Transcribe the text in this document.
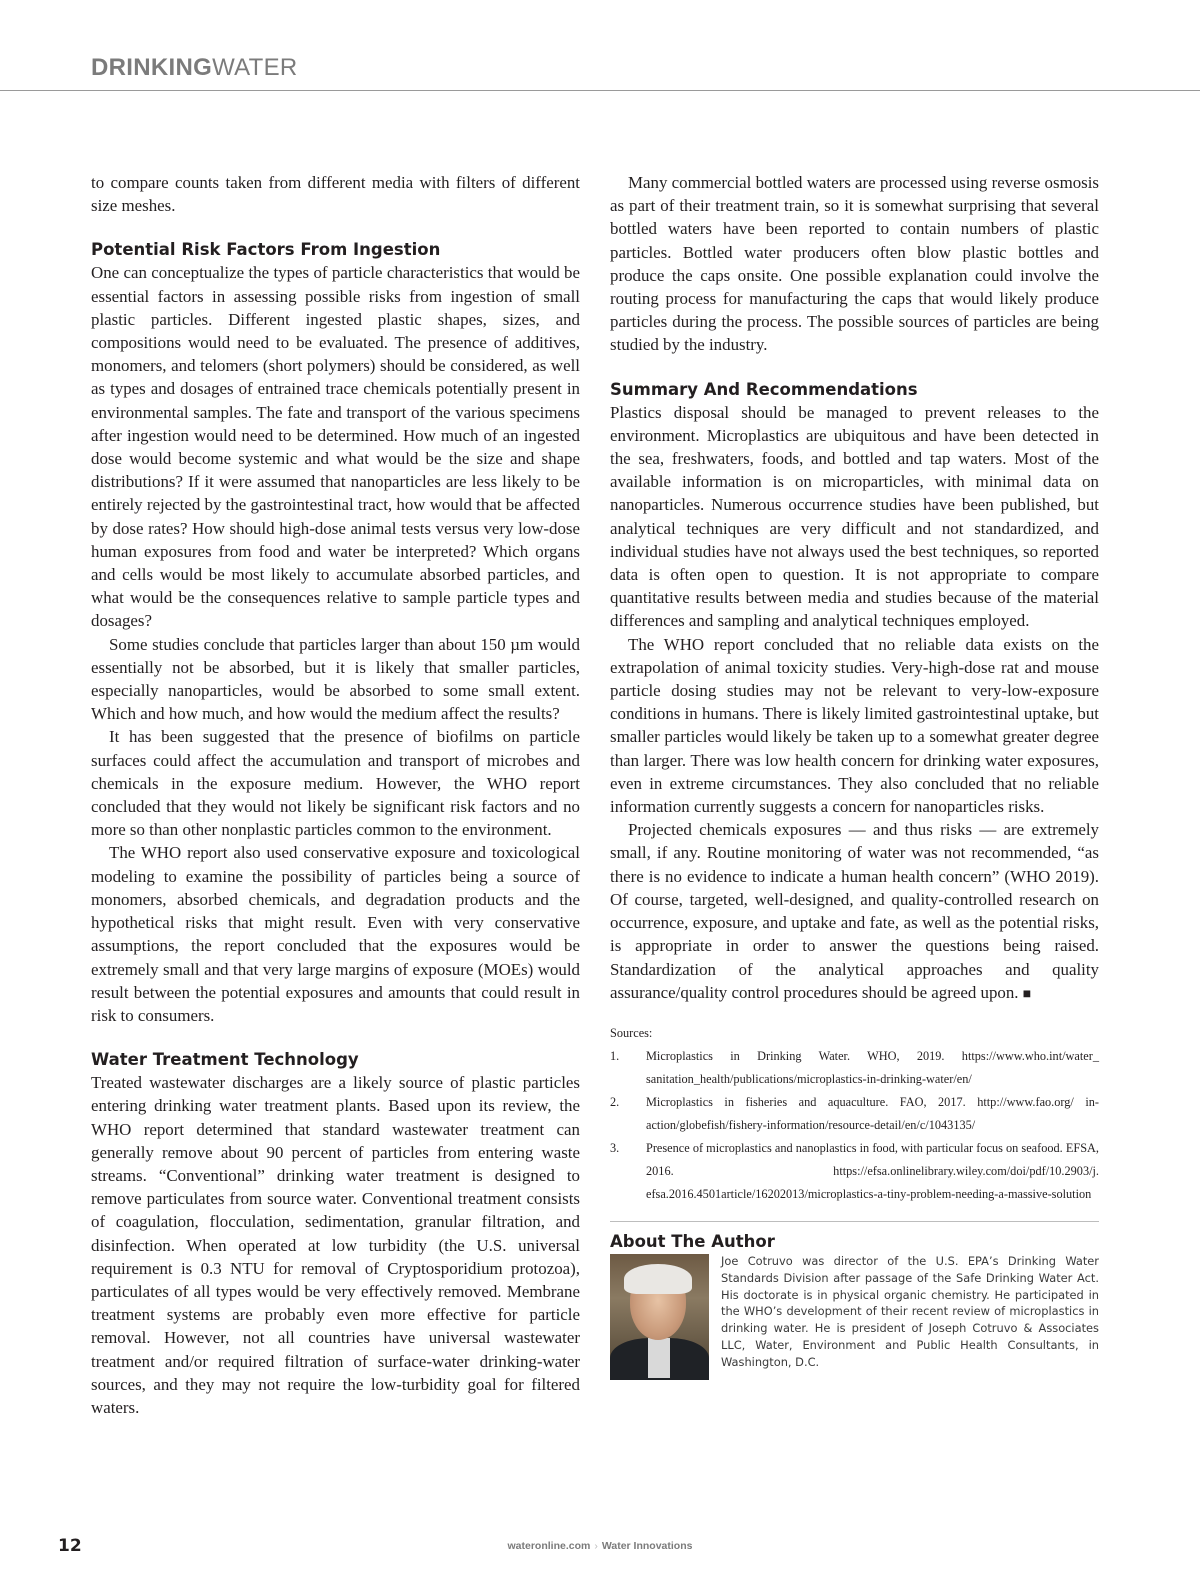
DRINKINGWATER

to compare counts taken from different media with filters of different size meshes.

Potential Risk Factors From Ingestion

One can conceptualize the types of particle characteristics that would be essential factors in assessing possible risks from ingestion of small plastic particles. Different ingested plastic shapes, sizes, and compositions would need to be evaluated. The presence of additives, monomers, and telomers (short polymers) should be considered, as well as types and dosages of entrained trace chemicals potentially present in environmental samples. The fate and transport of the various specimens after ingestion would need to be determined. How much of an ingested dose would become systemic and what would be the size and shape distributions? If it were assumed that nanoparticles are less likely to be entirely rejected by the gastrointestinal tract, how would that be affected by dose rates? How should high-dose animal tests versus very low-dose human exposures from food and water be interpreted? Which organs and cells would be most likely to accumulate absorbed particles, and what would be the consequences relative to sample particle types and dosages?

Some studies conclude that particles larger than about 150 µm would essentially not be absorbed, but it is likely that smaller particles, especially nanoparticles, would be absorbed to some small extent. Which and how much, and how would the medium affect the results?

It has been suggested that the presence of biofilms on particle surfaces could affect the accumulation and transport of microbes and chemicals in the exposure medium. However, the WHO report concluded that they would not likely be significant risk factors and no more so than other nonplastic particles common to the environment.

The WHO report also used conservative exposure and toxicological modeling to examine the possibility of particles being a source of monomers, absorbed chemicals, and degradation products and the hypothetical risks that might result. Even with very conservative assumptions, the report concluded that the exposures would be extremely small and that very large margins of exposure (MOEs) would result between the potential exposures and amounts that could result in risk to consumers.

Water Treatment Technology

Treated wastewater discharges are a likely source of plastic particles entering drinking water treatment plants. Based upon its review, the WHO report determined that standard wastewater treatment can generally remove about 90 percent of particles from entering waste streams. “Conventional” drinking water treatment is designed to remove particulates from source water. Conventional treatment consists of coagulation, flocculation, sedimentation, granular filtration, and disinfection. When operated at low turbidity (the U.S. universal requirement is 0.3 NTU for removal of Cryptosporidium protozoa), particulates of all types would be very effectively removed. Membrane treatment systems are probably even more effective for particle removal. However, not all countries have universal wastewater treatment and/or required filtration of surface-water drinking-water sources, and they may not require the low-turbidity goal for filtered waters.

Many commercial bottled waters are processed using reverse osmosis as part of their treatment train, so it is somewhat surprising that several bottled waters have been reported to contain numbers of plastic particles. Bottled water producers often blow plastic bottles and produce the caps onsite. One possible explanation could involve the routing process for manufacturing the caps that would likely produce particles during the process. The possible sources of particles are being studied by the industry.

Summary And Recommendations

Plastics disposal should be managed to prevent releases to the environment. Microplastics are ubiquitous and have been detected in the sea, freshwaters, foods, and bottled and tap waters. Most of the available information is on microparticles, with minimal data on nanoparticles. Numerous occurrence studies have been published, but analytical techniques are very difficult and not standardized, and individual studies have not always used the best techniques, so reported data is often open to question. It is not appropriate to compare quantitative results between media and studies because of the material differences and sampling and analytical techniques employed.

The WHO report concluded that no reliable data exists on the extrapolation of animal toxicity studies. Very-high-dose rat and mouse particle dosing studies may not be relevant to very-low-exposure conditions in humans. There is likely limited gastrointestinal uptake, but smaller particles would likely be taken up to a somewhat greater degree than larger. There was low health concern for drinking water exposures, even in extreme circumstances. They also concluded that no reliable information currently suggests a concern for nanoparticles risks.

Projected chemicals exposures — and thus risks — are extremely small, if any. Routine monitoring of water was not recommended, “as there is no evidence to indicate a human health concern” (WHO 2019). Of course, targeted, well-designed, and quality-controlled research on occurrence, exposure, and uptake and fate, as well as the potential risks, is appropriate in order to answer the questions being raised. Standardization of the analytical approaches and quality assurance/quality control procedures should be agreed upon. ■

Sources:
1.	Microplastics in Drinking Water. WHO, 2019. https://www.who.int/water_ sanitation_health/publications/microplastics-in-drinking-water/en/
2.	Microplastics in fisheries and aquaculture. FAO, 2017. http://www.fao.org/ in-action/globefish/fishery-information/resource-detail/en/c/1043135/
3.	Presence of microplastics and nanoplastics in food, with particular focus on seafood. EFSA, 2016. https://efsa.onlinelibrary.wiley.com/doi/pdf/10.2903/j. efsa.2016.4501article/16202013/microplastics-a-tiny-problem-needing-a-massive-solution
About The Author
Joe Cotruvo was director of the U.S. EPA’s Drinking Water Standards Division after passage of the Safe Drinking Water Act. His doctorate is in physical organic chemistry. He participated in the WHO’s development of their recent review of microplastics in drinking water. He is president of Joseph Cotruvo & Associates LLC, Water, Environment and Public Health Consultants, in Washington, D.C.
12	wateronline.com › Water Innovations
